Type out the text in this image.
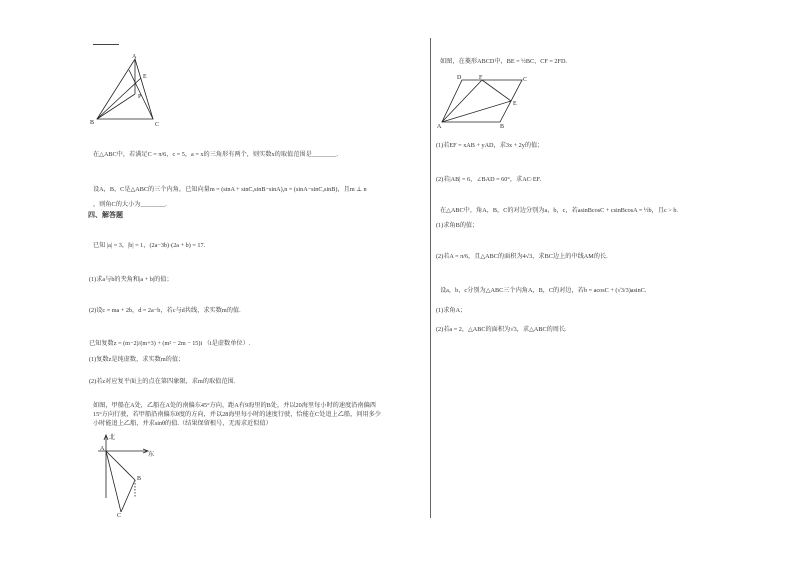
A
E
P
B	C
在△ABC中，若满足C = π/6，c = 5，a = x的三角形有两个，则实数x的取值范围是________.
设A，B，C是△ABC的三个内角，已知向量m = (sinA + sinC,sinB−sinA),n = (sinA−sinC,sinB)，且m ⊥ n
，则角C的大小为________.
四、解答题
已知 |a| = 3，|b| = 1，(2a−3b)·(2a + b) = 17.
(1)求a与b的夹角和|a + b|的值；
(2)设c = ma + 2b，d = 2a−b，若c与d共线，求实数m的值.
已知复数z = (m−2)/(m+3) + (m² − 2m − 15)i （i是虚数单位）.
(1)复数z是纯虚数，求实数m的值；
(2)若z对应复平面上的点在第四象限，求m的取值范围.
如图，甲船在A处，乙船在A处的南偏东45°方向，距A有9海里的B处，并以20海里每小时的速度沿南偏西
15°方向行驶，若甲船沿南偏东θ度的方向，并以28海里每小时的速度行驶，恰能在C处追上乙船，问用多少
小时能追上乙船，并求sinθ的值.（结果保留根号，无需求近似值）
北
东
A
B
C
如图，在菱形ABCD中，BE = ½BC，CF = 2FD.
D	F	C
E
A	B
(1)若EF = xAB + yAD，求3x + 2y的值；
(2)若|AB| = 6，∠BAD = 60°，求AC·EF.
在△ABC中，角A，B，C的对边分别为a，b，c，若asinBcosC + csinBcosA = ½b，且c > b.
(1)求角B的值；
(2)若A = π/6，且△ABC的面积为4√3，求BC边上的中线AM的长.
设a，b，c分别为△ABC三个内角A，B，C的对边，若b = acosC + (√3/3)asinC.
(1)求角A；
(2)若a = 2，△ABC的面积为√3，求△ABC的周长.
